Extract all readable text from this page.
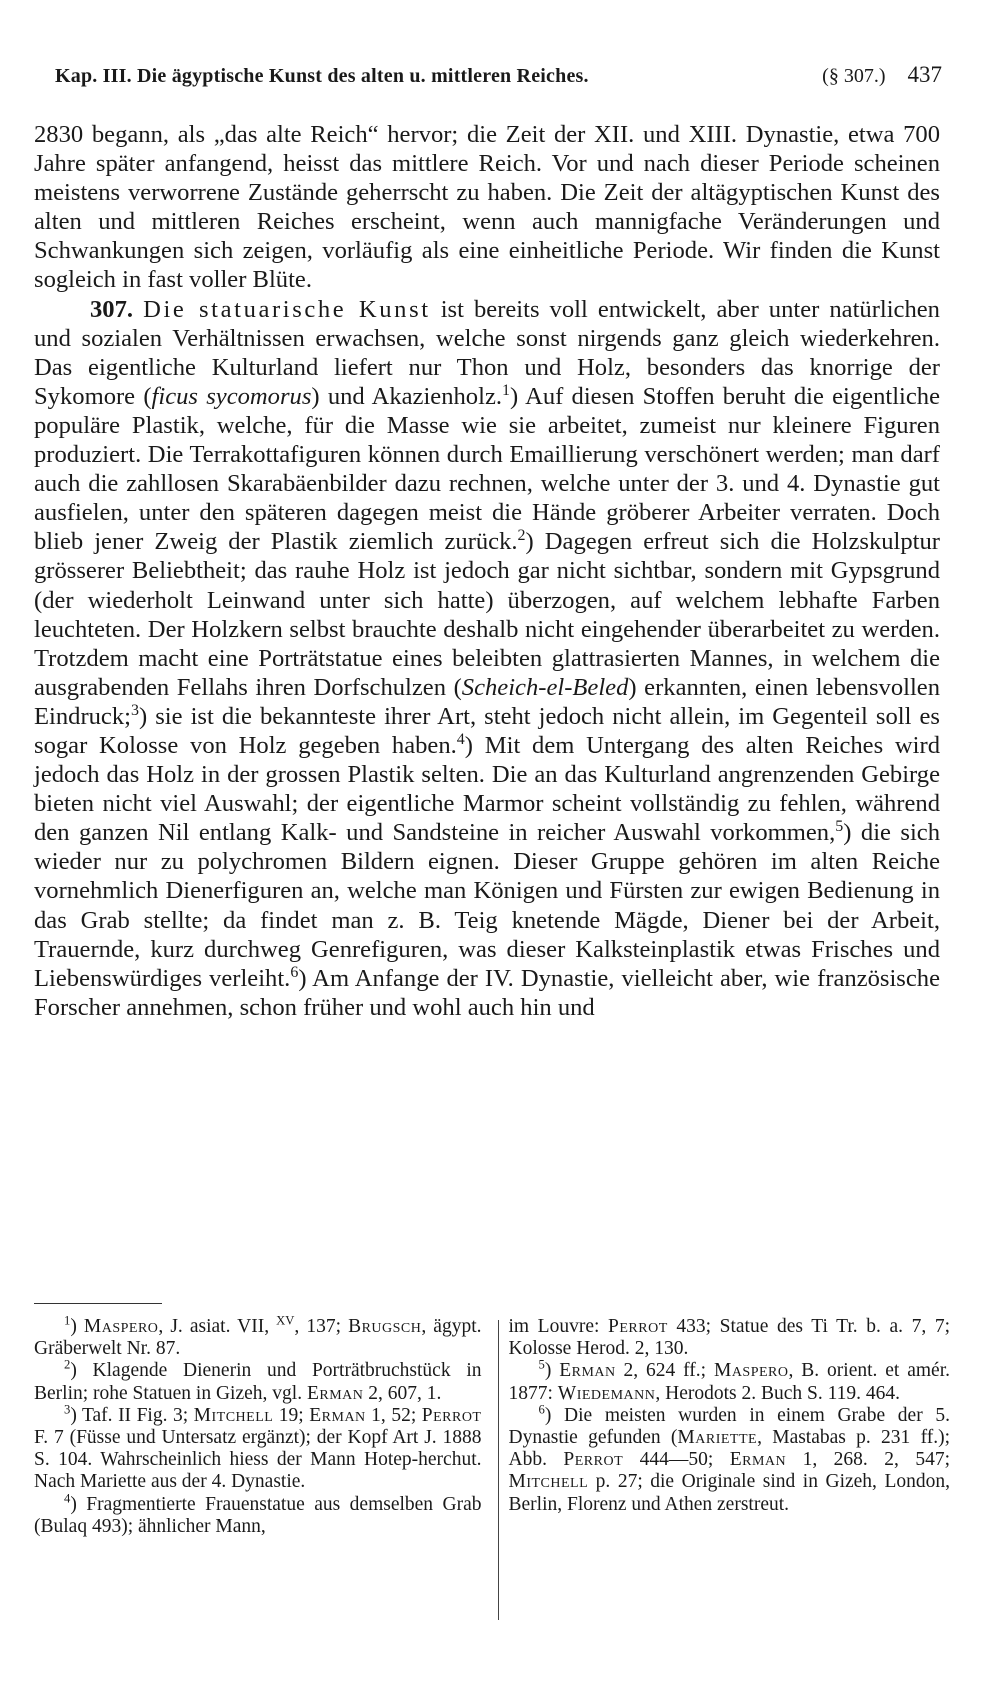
Kap. III. Die ägyptische Kunst des alten u. mittleren Reiches.	(§ 307.) 437

2830 begann, als „das alte Reich“ hervor; die Zeit der XII. und XIII. Dynastie, etwa 700 Jahre später anfangend, heisst das mittlere Reich. Vor und nach dieser Periode scheinen meistens verworrene Zustände geherrscht zu haben. Die Zeit der altägyptischen Kunst des alten und mittleren Reiches erscheint, wenn auch mannigfache Veränderungen und Schwankungen sich zeigen, vorläufig als eine einheitliche Periode. Wir finden die Kunst sogleich in fast voller Blüte.

307. Die statuarische Kunst ist bereits voll entwickelt, aber unter natürlichen und sozialen Verhältnissen erwachsen, welche sonst nirgends ganz gleich wiederkehren. Das eigentliche Kulturland liefert nur Thon und Holz, besonders das knorrige der Sykomore (ficus sycomorus) und Akazienholz.$^1$) Auf diesen Stoffen beruht die eigentliche populäre Plastik, welche, für die Masse wie sie arbeitet, zumeist nur kleinere Figuren produziert. Die Terrakottafiguren können durch Emaillierung verschönert werden; man darf auch die zahllosen Skarabäenbilder dazu rechnen, welche unter der 3. und 4. Dynastie gut ausfielen, unter den späteren dagegen meist die Hände gröberer Arbeiter verraten. Doch blieb jener Zweig der Plastik ziemlich zurück.$^2$) Dagegen erfreut sich die Holzskulptur grösserer Beliebtheit; das rauhe Holz ist jedoch gar nicht sichtbar, sondern mit Gypsgrund (der wiederholt Leinwand unter sich hatte) überzogen, auf welchem lebhafte Farben leuchteten. Der Holzkern selbst brauchte deshalb nicht eingehender überarbeitet zu werden. Trotzdem macht eine Porträtstatue eines beleibten glattrasierten Mannes, in welchem die ausgrabenden Fellahs ihren Dorfschulzen (Scheich-el-Beled) erkannten, einen lebensvollen Eindruck;$^3$) sie ist die bekannteste ihrer Art, steht jedoch nicht allein, im Gegenteil soll es sogar Kolosse von Holz gegeben haben.$^4$) Mit dem Untergang des alten Reiches wird jedoch das Holz in der grossen Plastik selten. Die an das Kulturland angrenzenden Gebirge bieten nicht viel Auswahl; der eigentliche Marmor scheint vollständig zu fehlen, während den ganzen Nil entlang Kalk- und Sandsteine in reicher Auswahl vorkommen,$^5$) die sich wieder nur zu polychromen Bildern eignen. Dieser Gruppe gehören im alten Reiche vornehmlich Dienerfiguren an, welche man Königen und Fürsten zur ewigen Bedienung in das Grab stellte; da findet man z. B. Teig knetende Mägde, Diener bei der Arbeit, Trauernde, kurz durchweg Genrefiguren, was dieser Kalksteinplastik etwas Frisches und Liebenswürdiges verleiht.$^6$) Am Anfange der IV. Dynastie, vielleicht aber, wie französische Forscher annehmen, schon früher und wohl auch hin und

$^1$) Maspero, J. asiat. VII, $^{XV}$, 137; Brugsch, ägypt. Gräberwelt Nr. 87.

$^2$) Klagende Dienerin und Porträtbruchstück in Berlin; rohe Statuen in Gizeh, vgl. Erman 2, 607, 1.

$^3$) Taf. II Fig. 3; Mitchell 19; Erman 1, 52; Perrot F. 7 (Füsse und Untersatz ergänzt); der Kopf Art J. 1888 S. 104. Wahrscheinlich hiess der Mann Hotep-herchut. Nach Mariette aus der 4. Dynastie.

$^4$) Fragmentierte Frauenstatue aus demselben Grab (Bulaq 493); ähnlicher Mann,

im Louvre: Perrot 433; Statue des Ti Tr. b. a. 7, 7; Kolosse Herod. 2, 130.

$^5$) Erman 2, 624 ff.; Maspero, B. orient. et amér. 1877: Wiedemann, Herodots 2. Buch S. 119. 464.

$^6$) Die meisten wurden in einem Grabe der 5. Dynastie gefunden (Mariette, Mastabas p. 231 ff.); Abb. Perrot 444—50; Erman 1, 268. 2, 547; Mitchell p. 27; die Originale sind in Gizeh, London, Berlin, Florenz und Athen zerstreut.
